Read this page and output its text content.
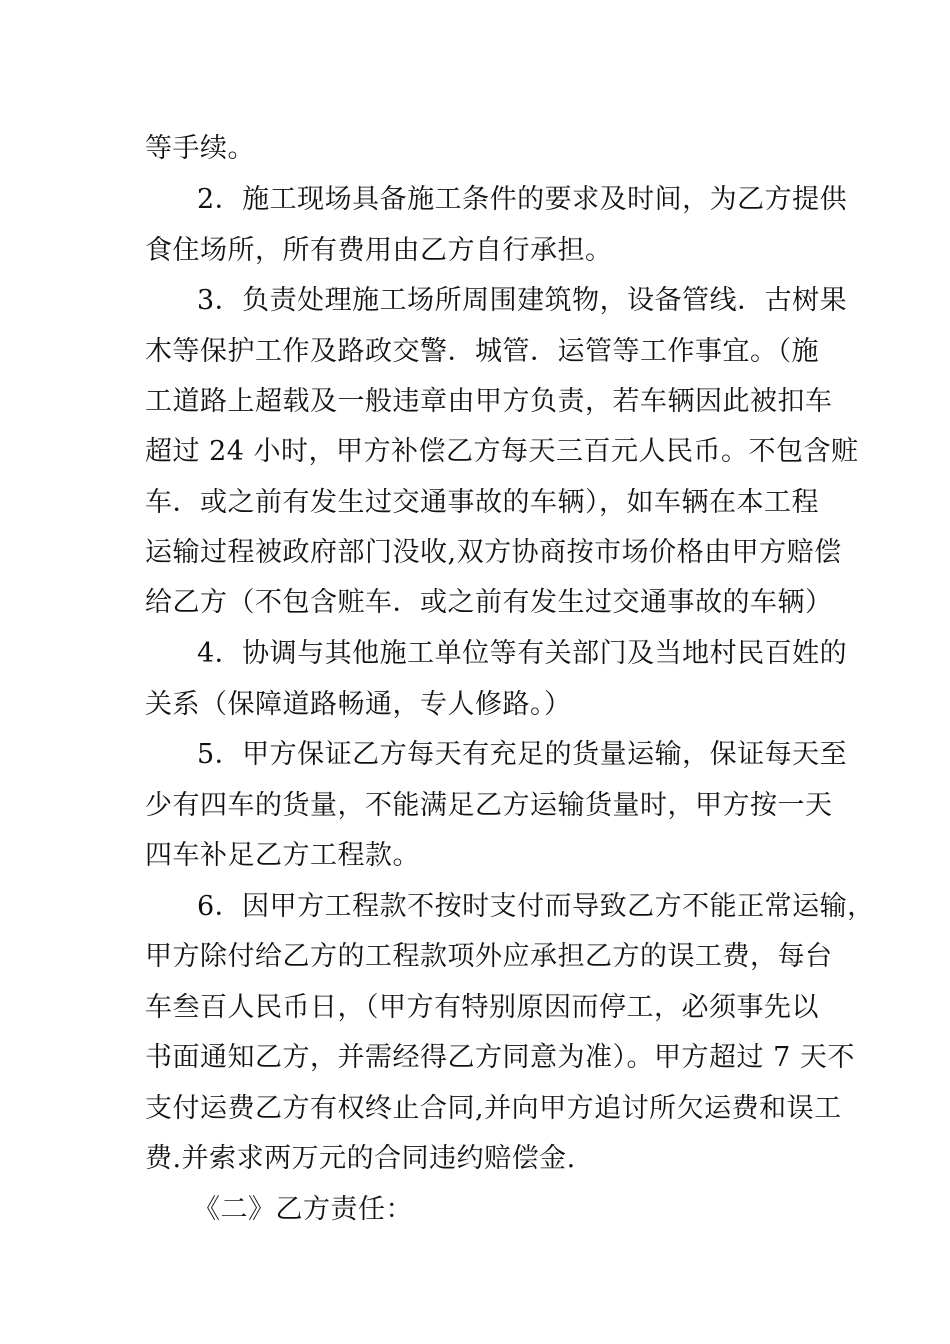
等手续。
2．施工现场具备施工条件的要求及时间，为乙方提供
食住场所，所有费用由乙方自行承担。
3．负责处理施工场所周围建筑物，设备管线．古树果
木等保护工作及路政交警．城管．运管等工作事宜。（施
工道路上超载及一般违章由甲方负责，若车辆因此被扣车
超过 24 小时，甲方补偿乙方每天三百元人民币。不包含赃
车．或之前有发生过交通事故的车辆），如车辆在本工程
运输过程被政府部门没收,双方协商按市场价格由甲方赔偿
给乙方（不包含赃车．或之前有发生过交通事故的车辆）
4．协调与其他施工单位等有关部门及当地村民百姓的
关系（保障道路畅通，专人修路。）
5．甲方保证乙方每天有充足的货量运输，保证每天至
少有四车的货量，不能满足乙方运输货量时，甲方按一天
四车补足乙方工程款。
6．因甲方工程款不按时支付而导致乙方不能正常运输，
甲方除付给乙方的工程款项外应承担乙方的误工费，每台
车叁百人民币日，（甲方有特别原因而停工，必须事先以
书面通知乙方，并需经得乙方同意为准）。甲方超过 7 天不
支付运费乙方有权终止合同,并向甲方追讨所欠运费和误工
费.并索求两万元的合同违约赔偿金.
《二》乙方责任：
